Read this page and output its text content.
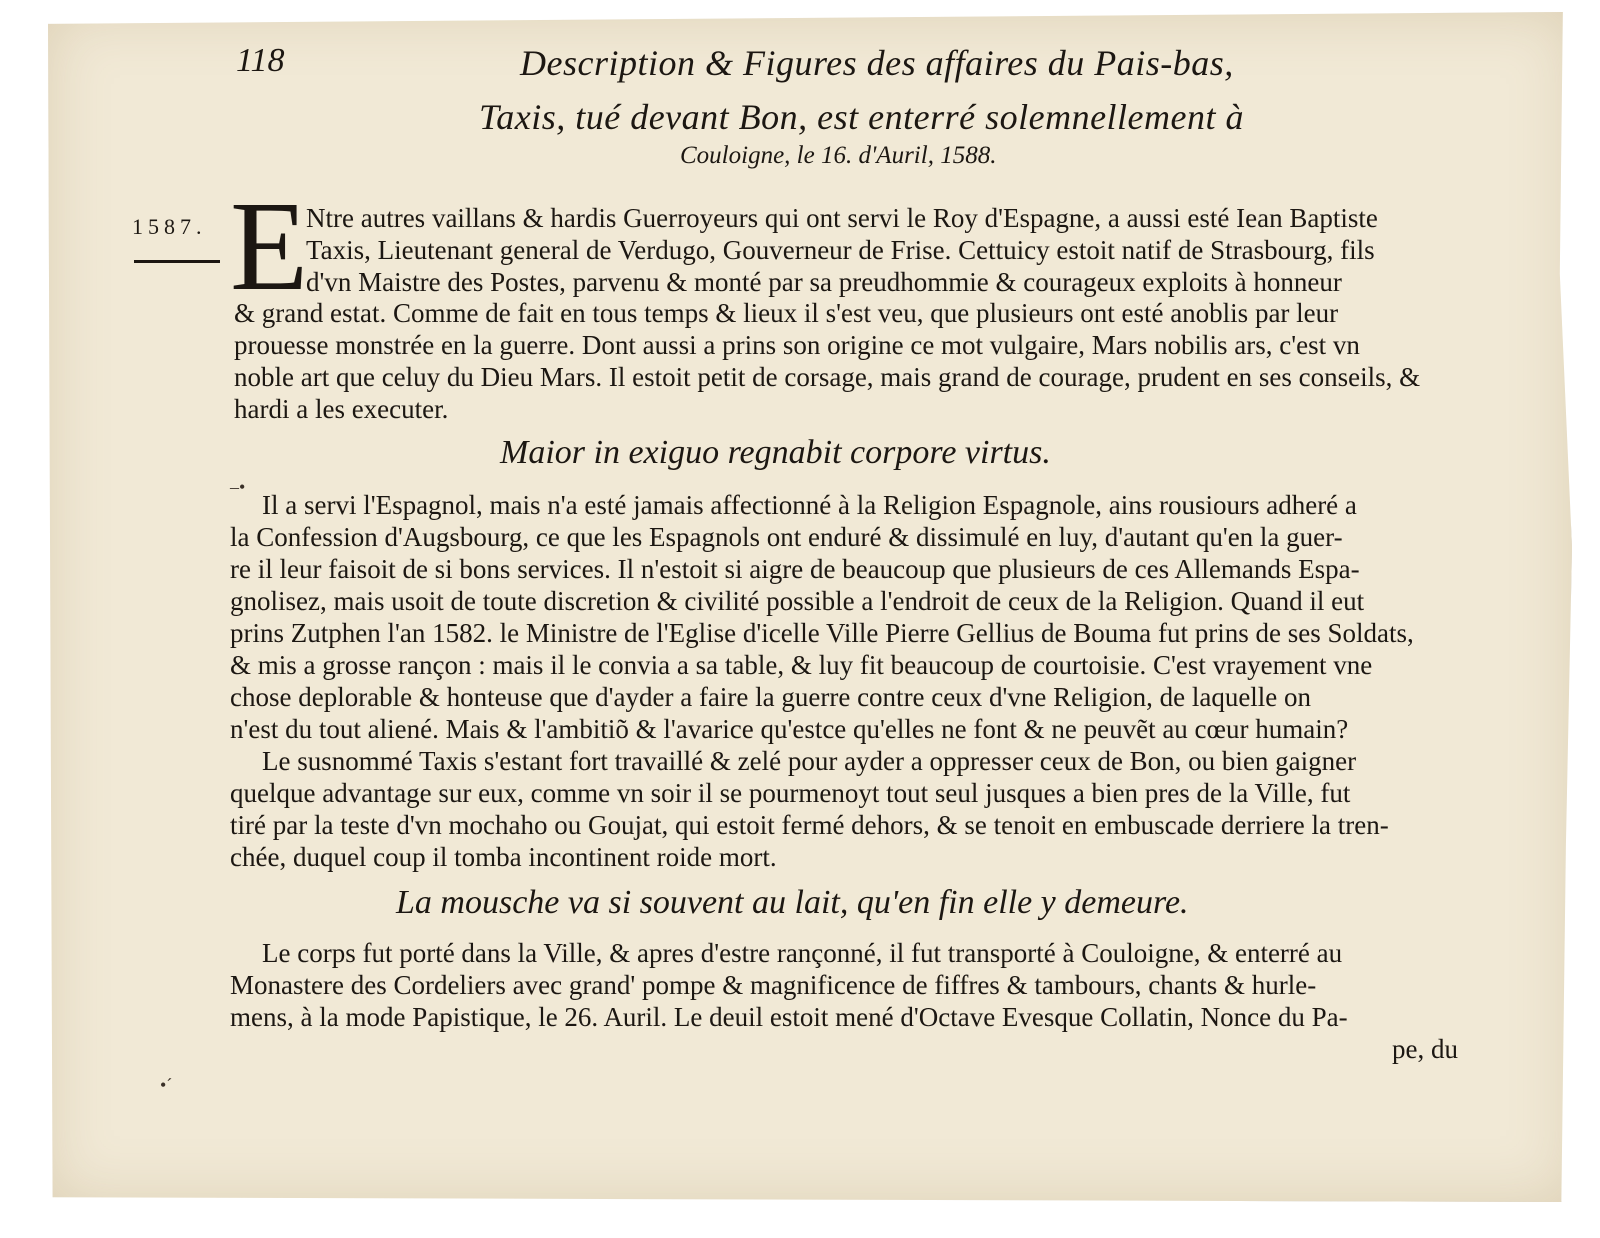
118	Description & Figures des affaires du Pais-bas,
Taxis, tué devant Bon, est enterré solemnellement à
Couloigne, le 16. d'Auril, 1588.
1587. E
Ntre autres vaillans & hardis Guerroyeurs qui ont servi le Roy d'Espagne, a aussi esté Iean Baptiste
Taxis, Lieutenant general de Verdugo, Gouverneur de Frise. Cettuicy estoit natif de Strasbourg, fils
d'vn Maistre des Postes, parvenu & monté par sa preudhommie & courageux exploits à honneur
& grand estat. Comme de fait en tous temps & lieux il s'est veu, que plusieurs ont esté anoblis par leur
prouesse monstrée en la guerre. Dont aussi a prins son origine ce mot vulgaire, Mars nobilis ars, c'est vn
noble art que celuy du Dieu Mars. Il estoit petit de corsage, mais grand de courage, prudent en ses conseils, &
hardi a les executer.
Maior in exiguo regnabit corpore virtus.
–•
Il a servi l'Espagnol, mais n'a esté jamais affectionné à la Religion Espagnole, ains rousiours adheré a
la Confession d'Augsbourg, ce que les Espagnols ont enduré & dissimulé en luy, d'autant qu'en la guer-
re il leur faisoit de si bons services. Il n'estoit si aigre de beaucoup que plusieurs de ces Allemands Espa-
gnolisez, mais usoit de toute discretion & civilité possible a l'endroit de ceux de la Religion. Quand il eut
prins Zutphen l'an 1582. le Ministre de l'Eglise d'icelle Ville Pierre Gellius de Bouma fut prins de ses Soldats,
& mis a grosse rançon : mais il le convia a sa table, & luy fit beaucoup de courtoisie. C'est vrayement vne
chose deplorable & honteuse que d'ayder a faire la guerre contre ceux d'vne Religion, de laquelle on
n'est du tout aliené. Mais & l'ambitiõ & l'avarice qu'estce qu'elles ne font & ne peuvẽt au cœur humain?
Le susnommé Taxis s'estant fort travaillé & zelé pour ayder a oppresser ceux de Bon, ou bien gaigner
quelque advantage sur eux, comme vn soir il se pourmenoyt tout seul jusques a bien pres de la Ville, fut
tiré par la teste d'vn mochaho ou Goujat, qui estoit fermé dehors, & se tenoit en embuscade derriere la tren-
chée, duquel coup il tomba incontinent roide mort.
La mousche va si souvent au lait, qu'en fin elle y demeure.
Le corps fut porté dans la Ville, & apres d'estre rançonné, il fut transporté à Couloigne, & enterré au
Monastere des Cordeliers avec grand' pompe & magnificence de fiffres & tambours, chants & hurle-
mens, à la mode Papistique, le 26. Auril. Le deuil estoit mené d'Octave Evesque Collatin, Nonce du Pa-
pe, du
•´
